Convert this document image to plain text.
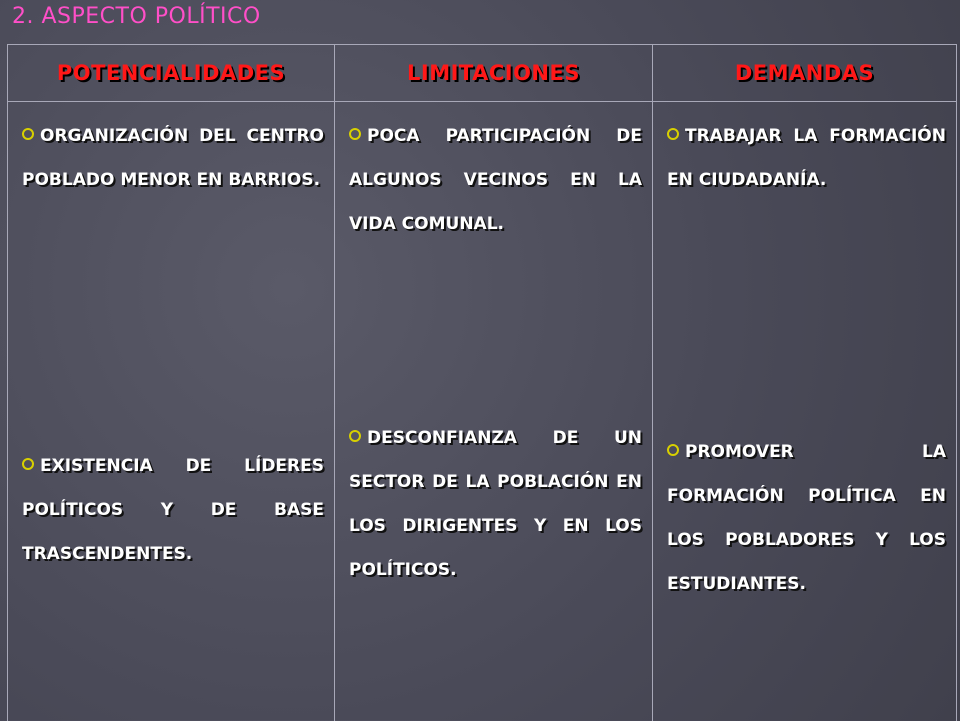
2. ASPECTO POLÍTICO
POTENCIALIDADES	LIMITACIONES	DEMANDAS
ORGANIZACIÓN DEL CENTRO POBLADO MENOR EN BARRIOS.
EXISTENCIA DE LÍDERES POLÍTICOS Y DE BASE TRASCENDENTES.
POCA PARTICIPACIÓN DE ALGUNOS VECINOS EN LA VIDA COMUNAL.
DESCONFIANZA DE UN SECTOR DE LA POBLACIÓN EN LOS DIRIGENTES Y EN LOS POLÍTICOS.
TRABAJAR LA FORMACIÓN EN CIUDADANÍA.
PROMOVER LA FORMACIÓN POLÍTICA EN LOS POBLADORES Y LOS ESTUDIANTES.
